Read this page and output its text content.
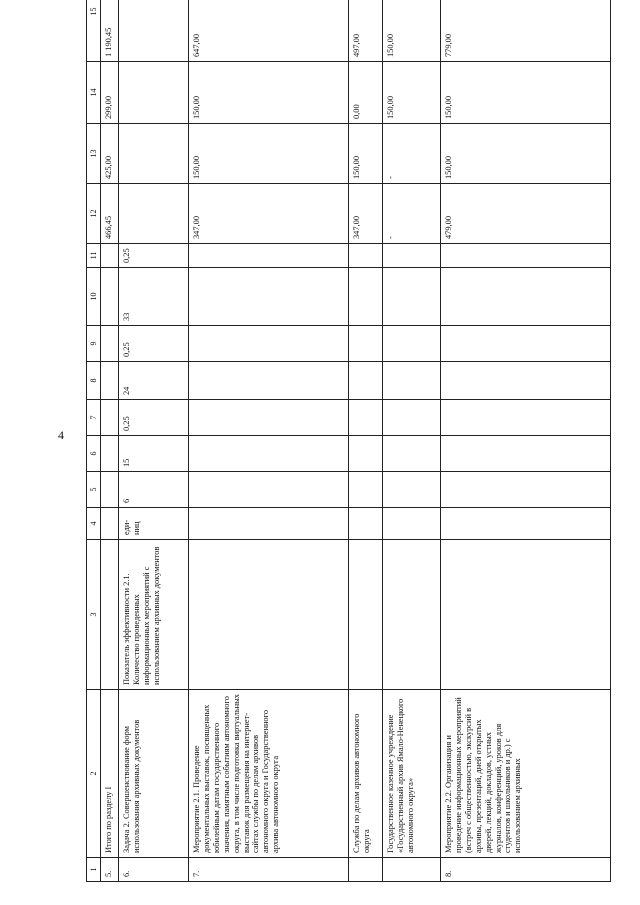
4
1	2	3	4	5	6	7	8	9	10	11	12	13	14	15
5.	Итого по разделу I										466,45	425,00	299,00	1 190,45
6.	Задача 2. Совершенствование форм использования архивных документов	Показатель эффективности 2.1. Количество проведенных информационных мероприятий с использованием архивных документов	еди-ниц	6	15	0,25	24	0,25	33	0,25				
7.	Мероприятие 2.1. Проведение документальных выставок, посвященных юбилейным датам государственного значения, памятным событиям автономного округа, в том числе подготовка виртуальных выставок для размещения на интернет-сайтах службы по делам архивов автономного округа и Государственного архива автономного округа										347,00	150,00	150,00	647,00
	Служба по делам архивов автономного округа										347,00	150,00	0,00	497,00
	Государственное казенное учреждение «Государственный архив Ямало-Ненецкого автономного округа»										-	-	150,00	150,00
8.	Мероприятие 2.2. Организация и проведение информационных мероприятий (встреч с общественностью, экскурсий в архивы, презентаций, дней открытых дверей, лекций, докладов, устных журналов, конференций, уроков для студентов и школьников и др.) с использованием архивных										479,00	150,00	150,00	779,00
